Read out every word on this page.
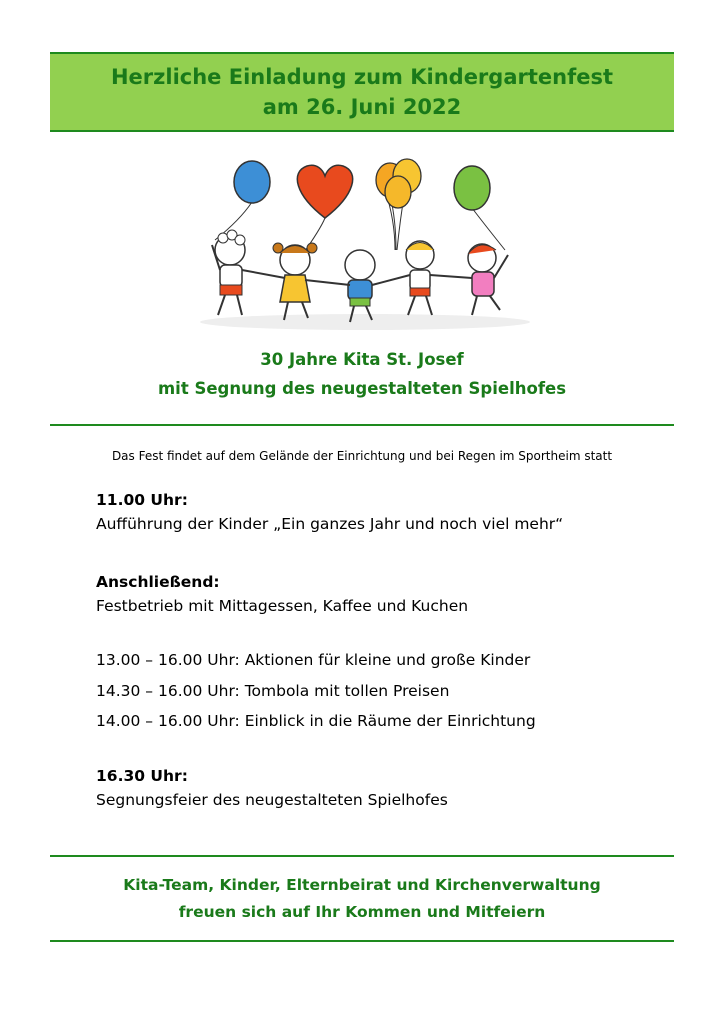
Herzliche Einladung zum Kindergartenfest
am 26. Juni 2022
30 Jahre Kita St. Josef
mit Segnung des neugestalteten Spielhofes
Das Fest findet auf dem Gelände der Einrichtung und bei Regen im Sportheim statt
11.00 Uhr:
Aufführung der Kinder „Ein ganzes Jahr und noch viel mehr“
Anschließend:
Festbetrieb mit Mittagessen, Kaffee und Kuchen
13.00 – 16.00 Uhr: Aktionen für kleine und große Kinder
14.30 – 16.00 Uhr: Tombola mit tollen Preisen
14.00 – 16.00 Uhr: Einblick in die Räume der Einrichtung
16.30 Uhr:
Segnungsfeier des neugestalteten Spielhofes
Kita-Team, Kinder, Elternbeirat und Kirchenverwaltung
freuen sich auf Ihr Kommen und Mitfeiern
